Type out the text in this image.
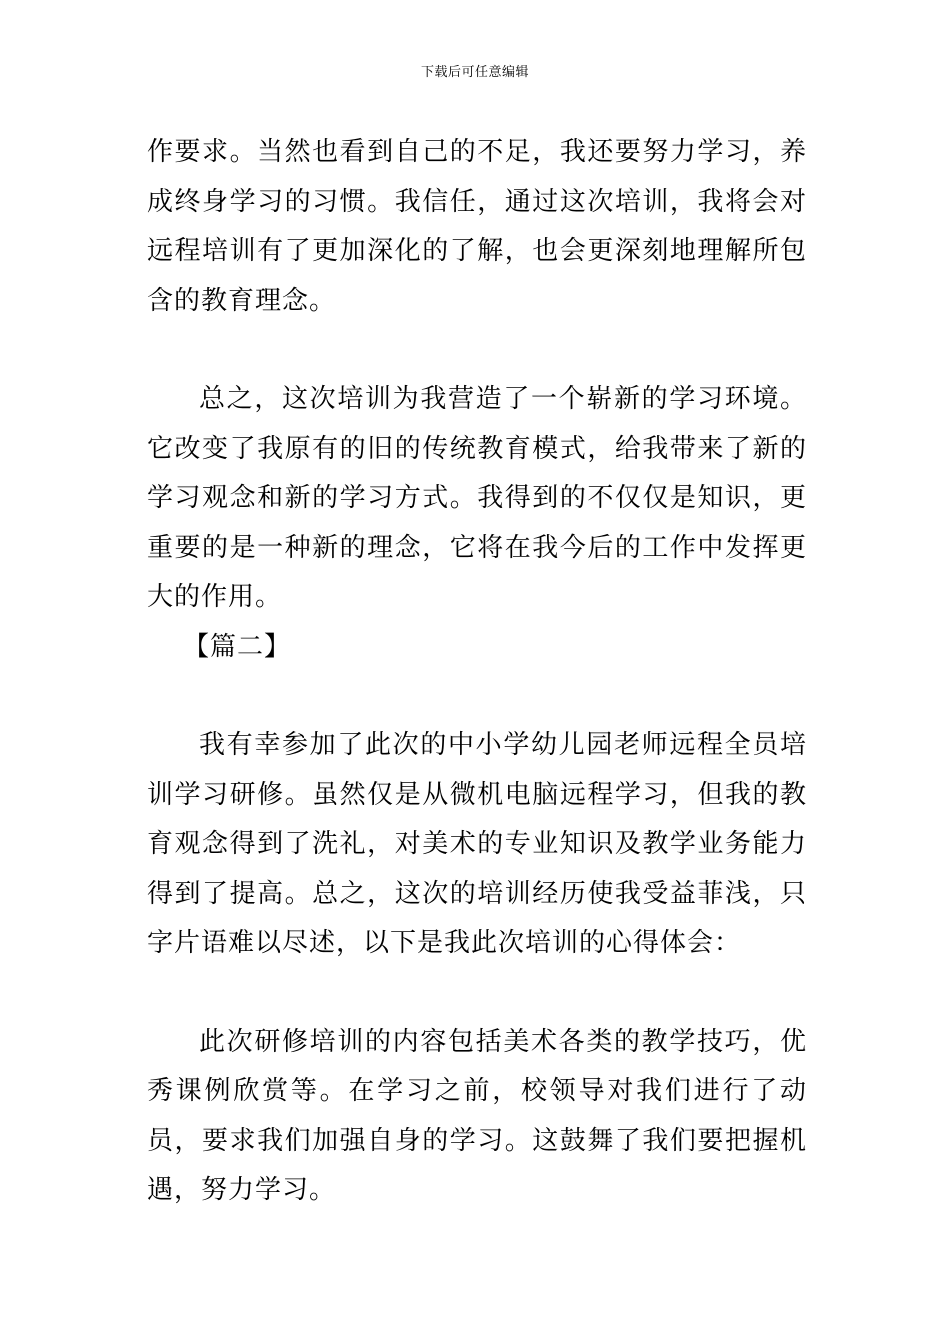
下载后可任意编辑

作要求。当然也看到自己的不足，我还要努力学习，养成终身学习的习惯。我信任，通过这次培训，我将会对远程培训有了更加深化的了解，也会更深刻地理解所包含的教育理念。

总之，这次培训为我营造了一个崭新的学习环境。它改变了我原有的旧的传统教育模式，给我带来了新的学习观念和新的学习方式。我得到的不仅仅是知识，更重要的是一种新的理念，它将在我今后的工作中发挥更大的作用。

【篇二】

我有幸参加了此次的中小学幼儿园老师远程全员培训学习研修。虽然仅是从微机电脑远程学习，但我的教育观念得到了洗礼，对美术的专业知识及教学业务能力得到了提高。总之，这次的培训经历使我受益菲浅，只字片语难以尽述，以下是我此次培训的心得体会：

此次研修培训的内容包括美术各类的教学技巧，优秀课例欣赏等。在学习之前，校领导对我们进行了动员，要求我们加强自身的学习。这鼓舞了我们要把握机遇，努力学习。
